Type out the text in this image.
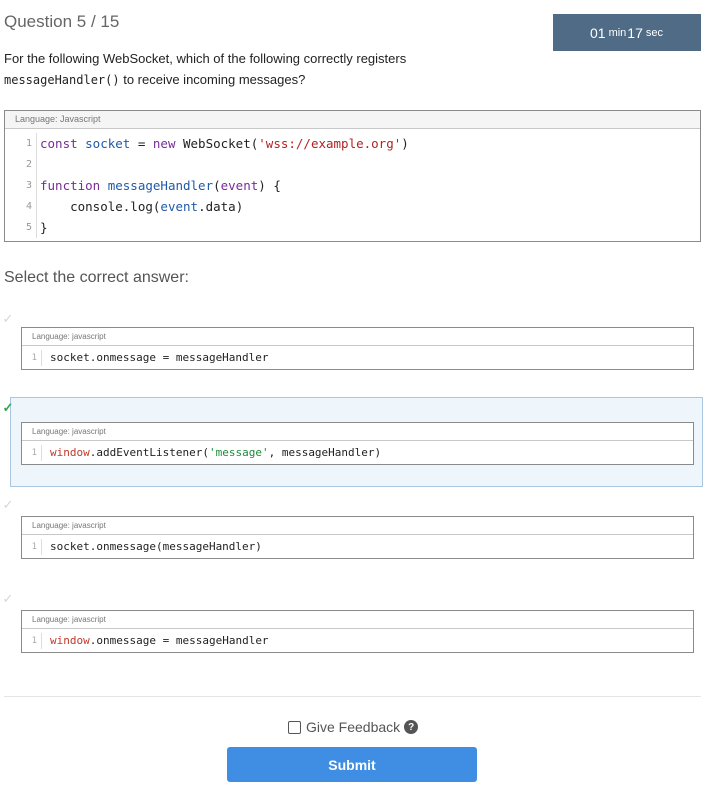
Question 5 / 15
01 min 17 sec
For the following WebSocket, which of the following correctly registers
messageHandler() to receive incoming messages?
Language: Javascript
1 const socket = new WebSocket('wss://example.org')
2
3 function messageHandler(event) {
4 console.log(event.data)
5 }
Select the correct answer:
✓
Language: javascript
1	socket.onmessage = messageHandler
✓
Language: javascript
1	window.addEventListener('message', messageHandler)
✓
Language: javascript
1	socket.onmessage(messageHandler)
✓
Language: javascript
1	window.onmessage = messageHandler
Give Feedback ?
Submit
